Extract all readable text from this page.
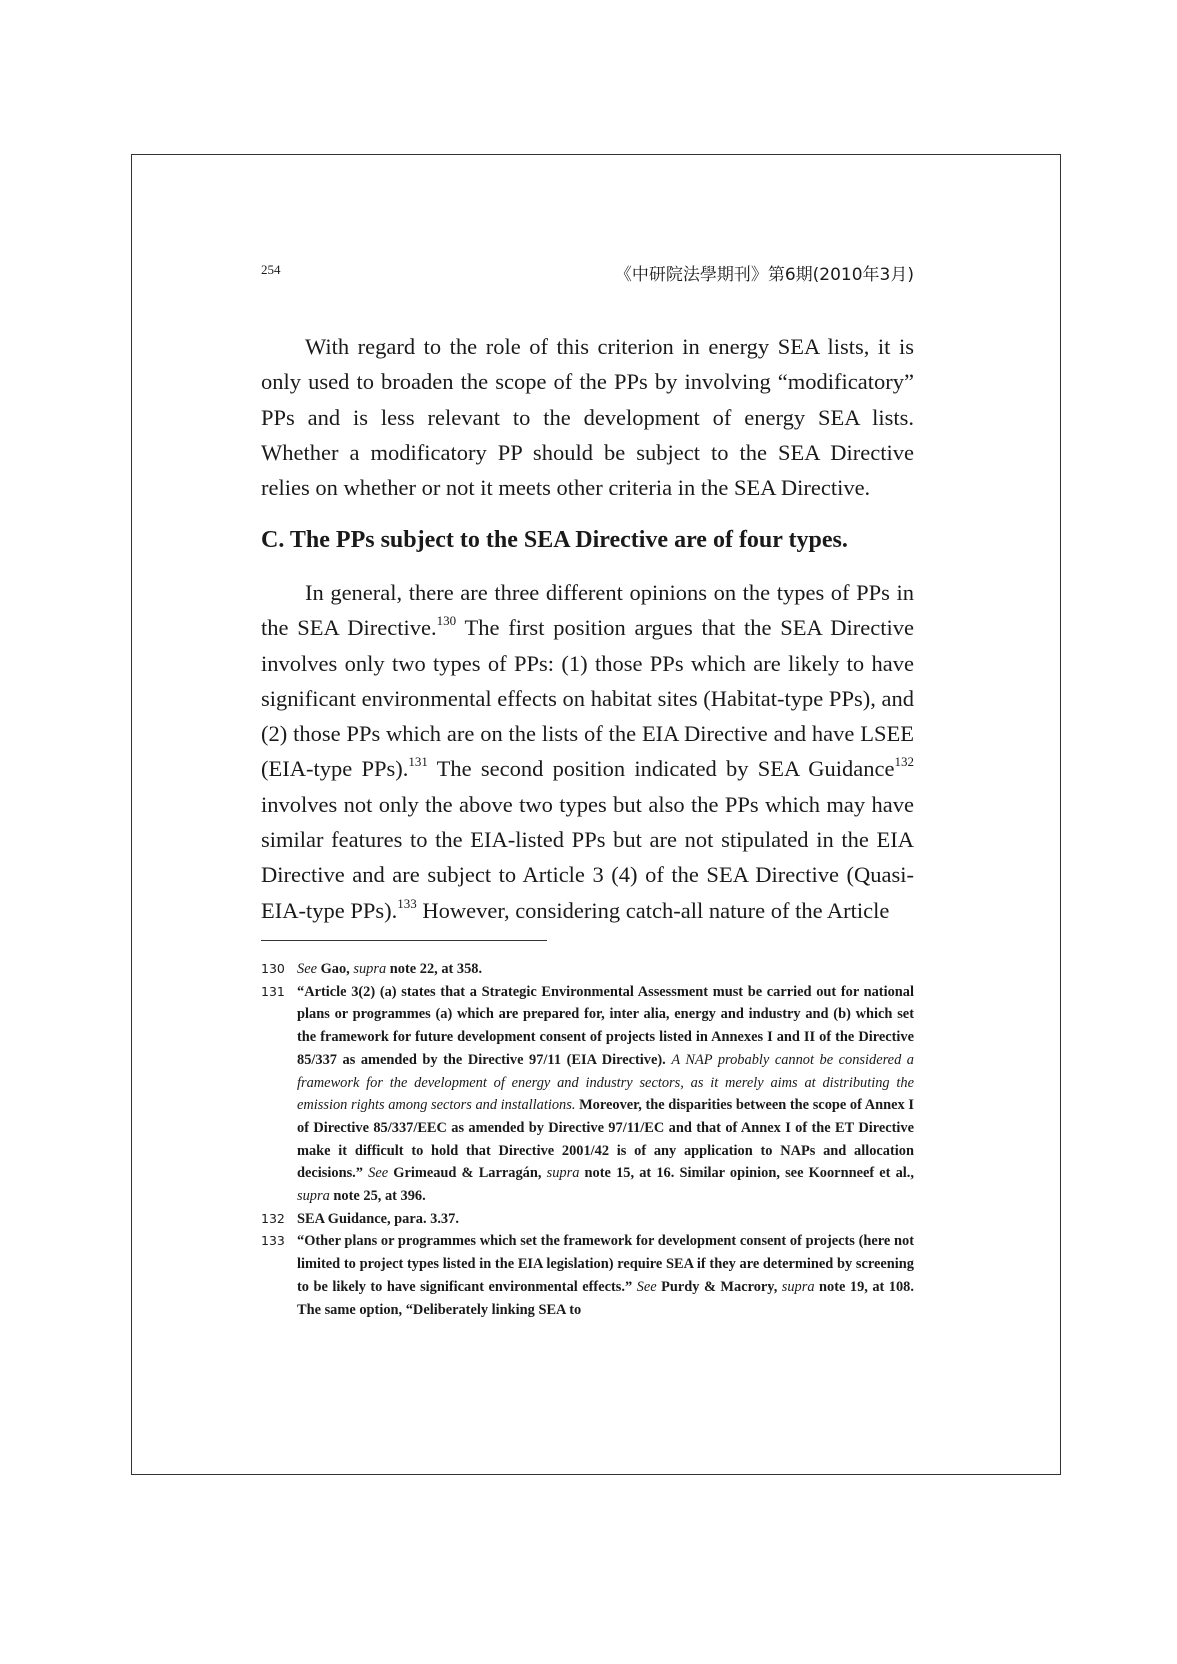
254	《中研院法學期刊》第6期(2010年3月)

With regard to the role of this criterion in energy SEA lists, it is only used to broaden the scope of the PPs by involving “modificatory” PPs and is less relevant to the development of energy SEA lists. Whether a modificatory PP should be subject to the SEA Directive relies on whether or not it meets other criteria in the SEA Directive.

C. The PPs subject to the SEA Directive are of four types.

In general, there are three different opinions on the types of PPs in the SEA Directive.$^{130}$ The first position argues that the SEA Directive involves only two types of PPs: (1) those PPs which are likely to have significant environmental effects on habitat sites (Habitat-type PPs), and (2) those PPs which are on the lists of the EIA Directive and have LSEE (EIA-type PPs).$^{131}$ The second position indicated by SEA Guidance$^{132}$ involves not only the above two types but also the PPs which may have similar features to the EIA-listed PPs but are not stipulated in the EIA Directive and are subject to Article 3 (4) of the SEA Directive (Quasi-EIA-type PPs).$^{133}$ However, considering catch-all nature of the Article

130 See Gao, supra note 22, at 358.

131 “Article 3(2) (a) states that a Strategic Environmental Assessment must be carried out for national plans or programmes (a) which are prepared for, inter alia, energy and industry and (b) which set the framework for future development consent of projects listed in Annexes I and II of the Directive 85/337 as amended by the Directive 97/11 (EIA Directive). A NAP probably cannot be considered a framework for the development of energy and industry sectors, as it merely aims at distributing the emission rights among sectors and installations. Moreover, the disparities between the scope of Annex I of Directive 85/337/EEC as amended by Directive 97/11/EC and that of Annex I of the ET Directive make it difficult to hold that Directive 2001/42 is of any application to NAPs and allocation decisions.” See Grimeaud & Larragán, supra note 15, at 16. Similar opinion, see Koornneef et al., supra note 25, at 396.

132 SEA Guidance, para. 3.37.

133 “Other plans or programmes which set the framework for development consent of projects (here not limited to project types listed in the EIA legislation) require SEA if they are determined by screening to be likely to have significant environmental effects.” See Purdy & Macrory, supra note 19, at 108. The same option, “Deliberately linking SEA to
